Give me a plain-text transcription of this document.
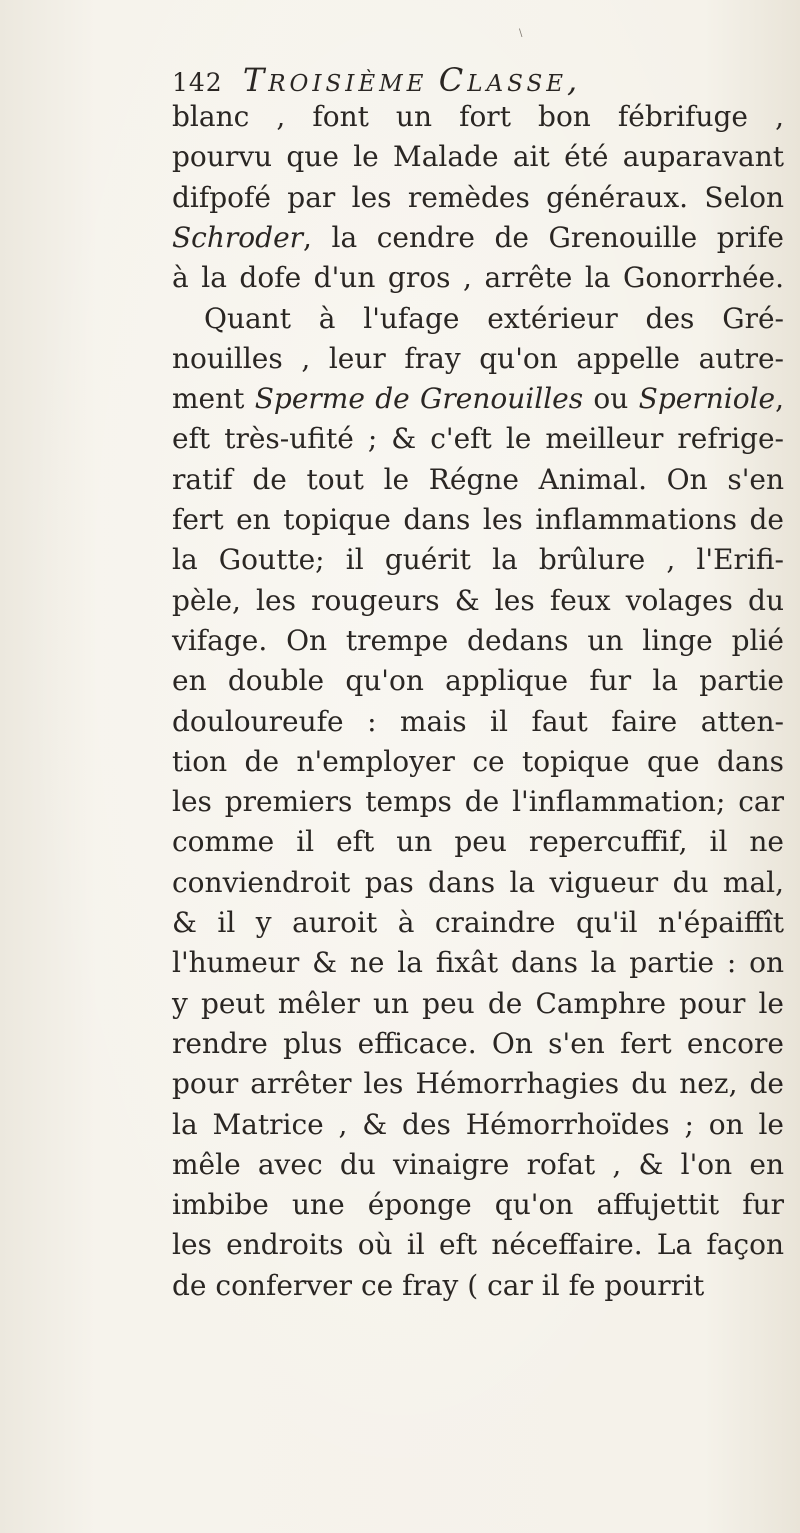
\
142 TROISIÈME CLASSE,
blanc , font un fort bon fébrifuge ,
pourvu que le Malade ait été auparavant
difpofé par les remèdes généraux. Selon
Schroder, la cendre de Grenouille prife
à la dofe d'un gros , arrête la Gonorrhée.
Quant à l'ufage extérieur des Gré-
nouilles , leur fray qu'on appelle autre-
ment Sperme de Grenouilles ou Sperniole,
eft très-ufité ; & c'eft le meilleur refrige-
ratif de tout le Régne Animal. On s'en
fert en topique dans les inflammations de
la Goutte; il guérit la brûlure , l'Erifi-
pèle, les rougeurs & les feux volages du
vifage. On trempe dedans un linge plié
en double qu'on applique fur la partie
douloureufe : mais il faut faire atten-
tion de n'employer ce topique que dans
les premiers temps de l'inflammation; car
comme il eft un peu repercuffif, il ne
conviendroit pas dans la vigueur du mal,
& il y auroit à craindre qu'il n'épaiffît
l'humeur & ne la fixât dans la partie : on
y peut mêler un peu de Camphre pour le
rendre plus efficace. On s'en fert encore
pour arrêter les Hémorrhagies du nez, de
la Matrice , & des Hémorrhoïdes ; on le
mêle avec du vinaigre rofat , & l'on en
imbibe une éponge qu'on affujettit fur
les endroits où il eft néceffaire. La façon
de conferver ce fray ( car il fe pourrit
